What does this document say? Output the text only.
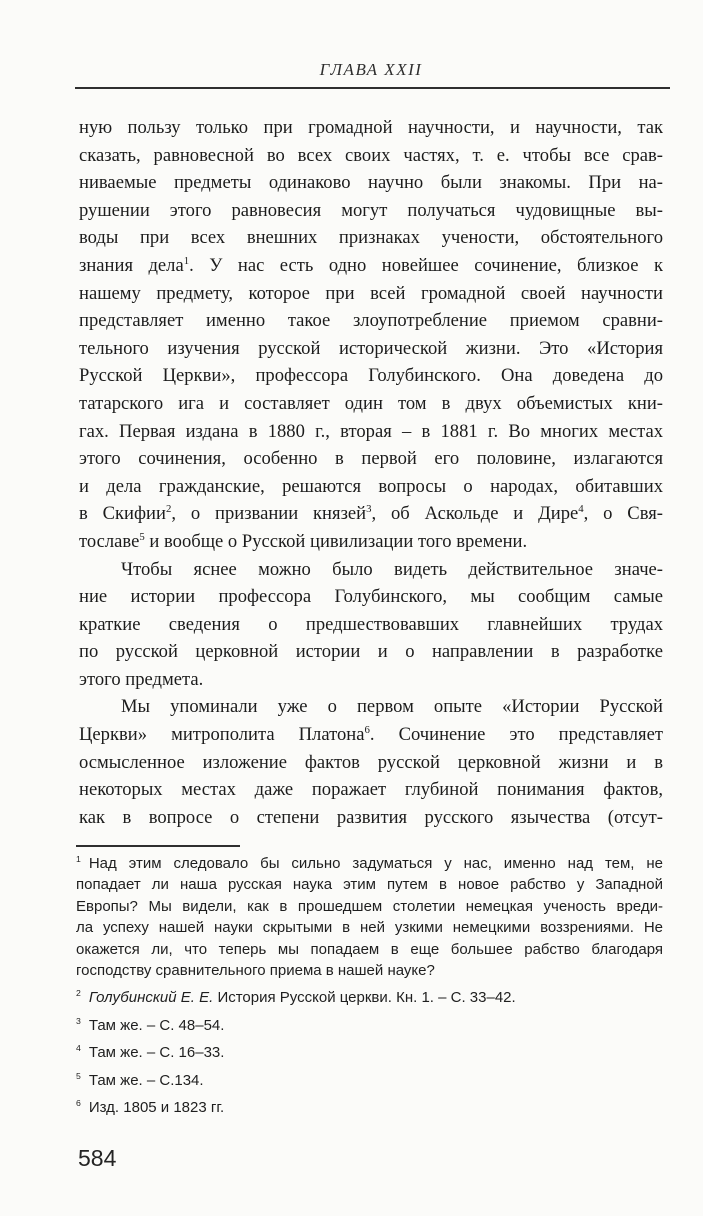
ГЛАВА XXII
ную пользу только при громадной научности, и научности, так
сказать, равновесной во всех своих частях, т. е. чтобы все срав-
ниваемые предметы одинаково научно были знакомы. При на-
рушении этого равновесия могут получаться чудовищные вы-
воды при всех внешних признаках учености, обстоятельного
знания дела$^1$. У нас есть одно новейшее сочинение, близкое к
нашему предмету, которое при всей громадной своей научности
представляет именно такое злоупотребление приемом сравни-
тельного изучения русской исторической жизни. Это «История
Русской Церкви», профессора Голубинского. Она доведена до
татарского ига и составляет один том в двух объемистых кни-
гах. Первая издана в 1880 г., вторая – в 1881 г. Во многих местах
этого сочинения, особенно в первой его половине, излагаются
и дела гражданские, решаются вопросы о народах, обитавших
в Скифии$^2$, о призвании князей$^3$, об Аскольде и Дире$^4$, о Свя-
тославе$^5$ и вообще о Русской цивилизации того времени.
Чтобы яснее можно было видеть действительное значе-
ние истории профессора Голубинского, мы сообщим самые
краткие сведения о предшествовавших главнейших трудах
по русской церковной истории и о направлении в разработке
этого предмета.
Мы упоминали уже о первом опыте «Истории Русской
Церкви» митрополита Платона$^6$. Сочинение это представляет
осмысленное изложение фактов русской церковной жизни и в
некоторых местах даже поражает глубиной понимания фактов,
как в вопросе о степени развития русского язычества (отсут-
$^1$ Над этим следовало бы сильно задуматься у нас, именно над тем, не
попадает ли наша русская наука этим путем в новое рабство у Западной
Европы? Мы видели, как в прошедшем столетии немецкая ученость вреди-
ла успеху нашей науки скрытыми в ней узкими немецкими воззрениями. Не
окажется ли, что теперь мы попадаем в еще большее рабство благодаря
господству сравнительного приема в нашей науке?
$^2$ Голубинский Е. Е. История Русской церкви. Кн. 1. – С. 33–42.
$^3$ Там же. – С. 48–54.
$^4$ Там же. – С. 16–33.
$^5$ Там же. – С.134.
$^6$ Изд. 1805 и 1823 гг.
584
